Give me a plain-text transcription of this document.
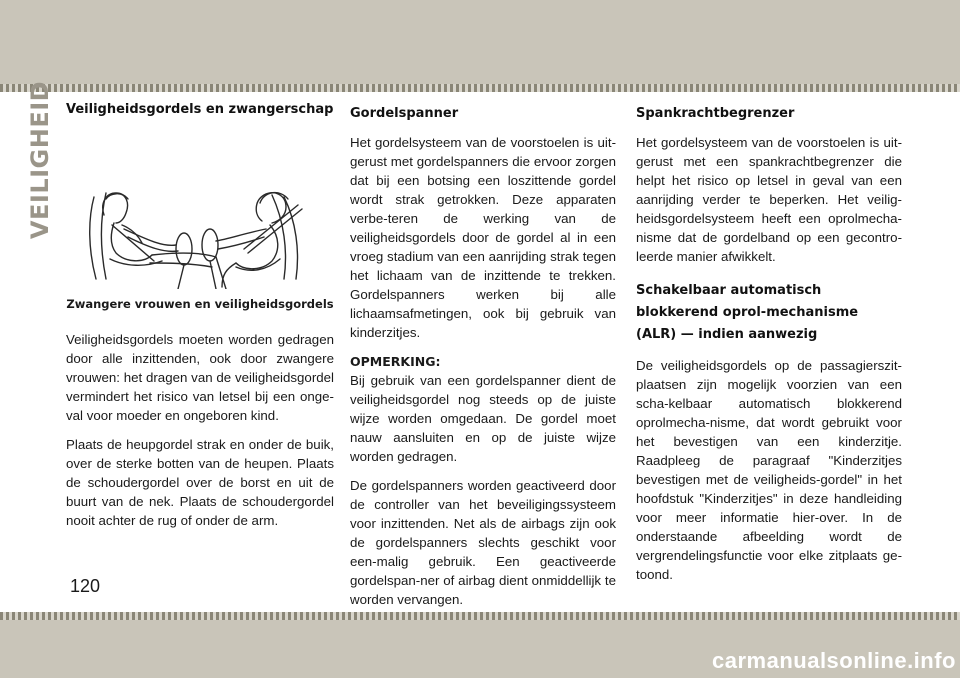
VEILIGHEID Veiligheidsgordels en zwangerschap
Zwangere vrouwen en veiligheidsgordels

Veiligheidsgordels moeten worden gedragen door alle inzittenden, ook door zwangere vrouwen: het dragen van de veiligheidsgordel vermindert het risico van letsel bij een onge-val voor moeder en ongeboren kind.

Plaats de heupgordel strak en onder de buik, over de sterke botten van de heupen. Plaats de schoudergordel over de borst en uit de buurt van de nek. Plaats de schoudergordel nooit achter de rug of onder de arm.

Gordelspanner

Het gordelsysteem van de voorstoelen is uit-gerust met gordelspanners die ervoor zorgen dat bij een botsing een loszittende gordel wordt strak getrokken. Deze apparaten verbe-teren de werking van de veiligheidsgordels door de gordel al in een vroeg stadium van een aanrijding strak tegen het lichaam van de inzittende te trekken. Gordelspanners werken bij alle lichaamsafmetingen, ook bij gebruik van kinderzitjes.

OPMERKING:

Bij gebruik van een gordelspanner dient de veiligheidsgordel nog steeds op de juiste wijze worden omgedaan. De gordel moet nauw aansluiten en op de juiste wijze worden gedragen.

De gordelspanners worden geactiveerd door de controller van het beveiligingssysteem voor inzittenden. Net als de airbags zijn ook de gordelspanners slechts geschikt voor een-malig gebruik. Een geactiveerde gordelspan-ner of airbag dient onmiddellijk te worden vervangen.

Spankrachtbegrenzer

Het gordelsysteem van de voorstoelen is uit-gerust met een spankrachtbegrenzer die helpt het risico op letsel in geval van een aanrijding verder te beperken. Het veilig-heidsgordelsysteem heeft een oprolmecha-nisme dat de gordelband op een gecontro-leerde manier afwikkelt.

Schakelbaar automatisch blokkerend oprol-mechanisme (ALR) — indien aanwezig

De veiligheidsgordels op de passagierszit-plaatsen zijn mogelijk voorzien van een scha-kelbaar automatisch blokkerend oprolmecha-nisme, dat wordt gebruikt voor het bevestigen van een kinderzitje. Raadpleeg de paragraaf "Kinderzitjes bevestigen met de veiligheids-gordel" in het hoofdstuk "Kinderzitjes" in deze handleiding voor meer informatie hier-over. In de onderstaande afbeelding wordt de vergrendelingsfunctie voor elke zitplaats ge-toond.

120
carmanualsonline.info
